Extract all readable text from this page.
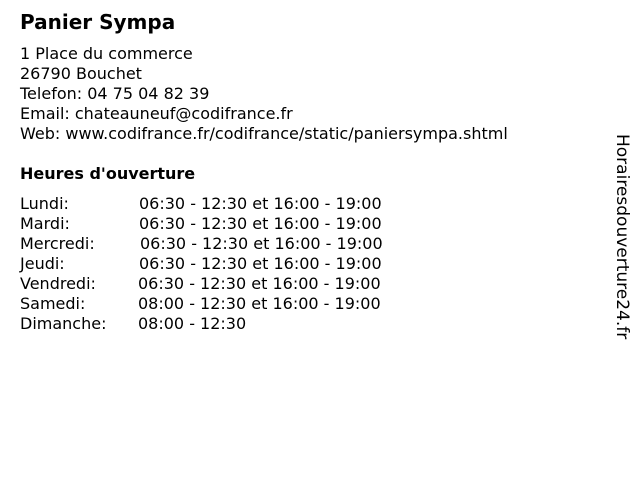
Panier Sympa
1 Place du commerce
26790 Bouchet
Telefon: 04 75 04 82 39
Email: chateauneuf@codifrance.fr
Web: www.codifrance.fr/codifrance/static/paniersympa.shtml
Heures d'ouverture
Lundi:	06:30 - 12:30 et 16:00 - 19:00
Mardi:	06:30 - 12:30 et 16:00 - 19:00
Mercredi:	06:30 - 12:30 et 16:00 - 19:00
Jeudi:	06:30 - 12:30 et 16:00 - 19:00
Vendredi:	06:30 - 12:30 et 16:00 - 19:00
Samedi:	08:00 - 12:30 et 16:00 - 19:00
Dimanche: 08:00 - 12:30	Horairesdouverture24.fr
